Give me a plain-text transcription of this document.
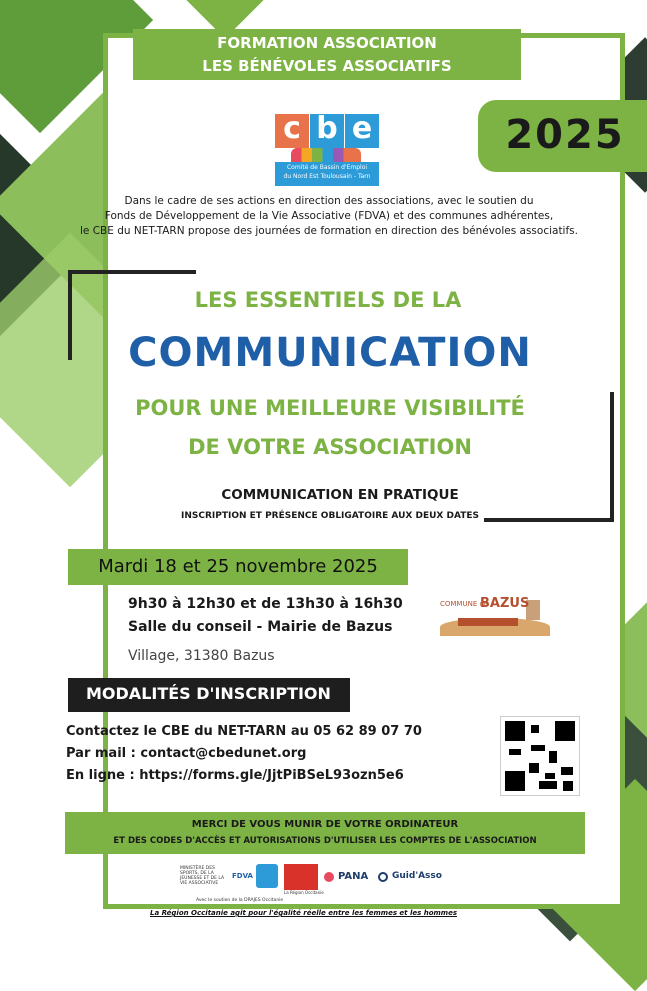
FORMATION ASSOCIATION
LES BÉNÉVOLES ASSOCIATIFS
2025
c b e
Comité de Bassin d'Emploi
du Nord Est Toulousain - Tarn
Dans le cadre de ses actions en direction des associations, avec le soutien du
Fonds de Développement de la Vie Associative (FDVA) et des communes adhérentes,
le CBE du NET-TARN propose des journées de formation en direction des bénévoles associatifs.
LES ESSENTIELS DE LA
COMMUNICATION
POUR UNE MEILLEURE VISIBILITÉ
DE VOTRE ASSOCIATION
COMMUNICATION EN PRATIQUE
INSCRIPTION ET PRÉSENCE OBLIGATOIRE AUX DEUX DATES
Mardi 18 et 25 novembre 2025
9h30 à 12h30 et de 13h30 à 16h30
Salle du conseil - Mairie de Bazus
Village, 31380 Bazus
COMMUNE de
BAZUS
MODALITÉS D'INSCRIPTION
Contactez le CBE du NET-TARN au 05 62 89 07 70
Par mail : contact@cbedunet.org
En ligne : https://forms.gle/JjtPiBSeL93ozn5e6
MERCI DE VOUS MUNIR DE VOTRE ORDINATEUR
ET DES CODES D'ACCÈS ET AUTORISATIONS D'UTILISER LES COMPTES DE L'ASSOCIATION
MINISTÈRE DES SPORTS, DE LA JEUNESSE ET DE LA VIE ASSOCIATIVE
FDVA
La Région Occitanie
PANA	Guid'Asso
Avec le soutien de la DRAJES Occitanie
La Région Occitanie agit pour l'égalité réelle entre les femmes et les hommes
